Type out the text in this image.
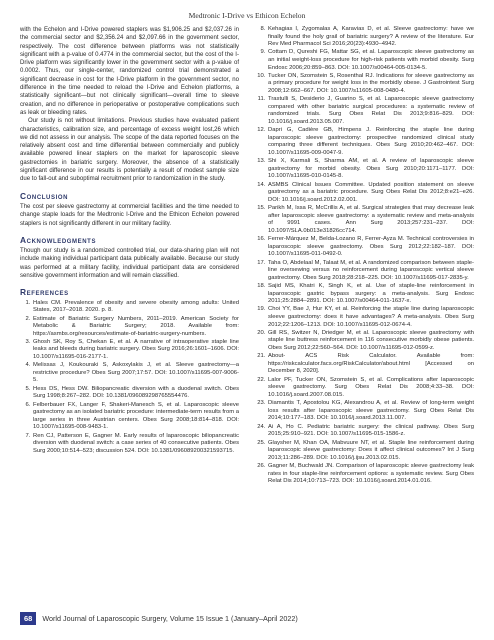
Medtronic I-Drive vs Ethicon Echelon

with the Echelon and I-Drive powered staplers was $1,906.25 and $2,037.26 in the commercial sector and $2,356.24 and $2,097.66 in the government sector, respectively. The cost difference between platforms was not statistically significant with a p-value of 0.4774 in the commercial sector, but the cost of the I-Drive platform was significantly lower in the government sector with a p-value of 0.0002. Thus, our single-center, randomized control trial demonstrated a significant decrease in cost for the I-Drive platform in the government sector, no difference in the time needed to reload the I-Drive and Echelon platforms, a statistically significant—but not clinically significant—overall time to sleeve creation, and no difference in perioperative or postoperative complications such as leak or bleeding rates.

Our study is not without limitations. Previous studies have evaluated patient characteristics, calibration size, and percentage of excess weight lost,26 which we did not assess in our analysis. The scope of the data reported focuses on the relatively absent cost and time differential between commercially and publicly available powered linear staplers on the market for laparoscopic sleeve gastrectomies in bariatric surgery. Moreover, the absence of a statistically significant difference in our results is potentially a result of modest sample size due to fall-out and suboptimal recruitment prior to randomization in the study.

Conclusion

The cost per sleeve gastrectomy at commercial facilities and the time needed to change staple loads for the Medtronic I-Drive and the Ethicon Echelon powered staplers is not significantly different in our military facility.

Acknowledgments

Though our study is a randomized controlled trial, our data-sharing plan will not include making individual participant data publically available. Because our study was performed at a military facility, individual participant data are considered sensitive government information and will remain classified.

References
1. Hales CM. Prevalence of obesity and severe obesity among adults: United States, 2017–2018. 2020. p. 8.
2. Estimate of Bariatric Surgery Numbers, 2011–2019. American Society for Metabolic & Bariatric Surgery; 2018. Available from: https://asmbs.org/resources/estimate-of-bariatric-surgery-numbers.
3. Ghosh SK, Roy S, Chekan E, et al. A narrative of intraoperative staple line leaks and bleeds during bariatric surgery. Obes Surg 2016;26:1601–1606. DOI: 10.1007/s11695-016-2177-1.
4. Melissas J, Koukouraki S, Askoxylakis J, et al. Sleeve gastrectomy—a restrictive procedure? Obes Surg 2007;17:57. DOI: 10.1007/s11695-007-9006-5.
5. Hess DS, Hess DW. Biliopancreatic diversion with a duodenal switch. Obes Surg 1998;8:267–282. DOI: 10.1381/096089298765554476.
6. Felberbauer FX, Langer F, Shakeri-Manesch S, et al. Laparoscopic sleeve gastrectomy as an isolated bariatric procedure: intermediate-term results from a large series in three Austrian centers. Obes Surg 2008;18:814–818. DOI: 10.1007/s11695-008-9483-1.
7. Ren CJ, Patterson E, Gagner M. Early results of laparoscopic biliopancreatic diversion with duodenal switch: a case series of 40 consecutive patients. Obes Surg 2000;10:514–523; discussion 524. DOI: 10.1381/096089200321593715.
8. Kehagias I, Zygomalas A, Karavias D, et al. Sleeve gastrectomy: have we finally found the holy grail of bariatric surgery? A review of the literature. Eur Rev Med Pharmacol Sci 2016;20(23):4930–4942.
9. Cottam D, Qureshi FG, Mattar SG, et al. Laparoscopic sleeve gastrectomy as an initial weight-loss procedure for high-risk patients with morbid obesity. Surg Endosc 2006;20:859–863. DOI: 10.1007/s00464-005-0134-5.
10. Tucker ON, Szomstein S, Rosenthal RJ. Indications for sleeve gastrectomy as a primary procedure for weight loss in the morbidly obese. J Gastrointest Surg 2008;12:662–667. DOI: 10.1007/s11605-008-0480-4.
11. Trastulli S, Desiderio J, Guarino S, et al. Laparoscopic sleeve gastrectomy compared with other bariatric surgical procedures: a systematic review of randomized trials. Surg Obes Relat Dis 2013;9:816–829. DOI: 10.1016/j.soard.2013.05.007.
12. Dapri G, Cadière GB, Himpens J. Reinforcing the staple line during laparoscopic sleeve gastrectomy: prospective randomized clinical study comparing three different techniques. Obes Surg 2010;20:462–467. DOI: 10.1007/s11695-009-0047-9.
13. Shi X, Karmali S, Sharma AM, et al. A review of laparoscopic sleeve gastrectomy for morbid obesity. Obes Surg 2010;20:1171–1177. DOI: 10.1007/s11695-010-0145-8.
14. ASMBS Clinical Issues Committee. Updated position statement on sleeve gastrectomy as a bariatric procedure. Surg Obes Relat Dis 2012;8:e21–e26. DOI: 10.1016/j.soard.2012.02.001.
15. Parikh M, Issa R, McCrillis A, et al. Surgical strategies that may decrease leak after laparoscopic sleeve gastrectomy: a systematic review and meta-analysis of 9991 cases. Ann Surg 2013;257:231–237. DOI: 10.1097/SLA.0b013e31826cc714.
16. Ferrer-Márquez M, Belda-Lozano R, Ferrer-Ayza M. Technical controversies in laparoscopic sleeve gastrectomy. Obes Surg 2012;22:182–187. DOI: 10.1007/s11695-011-0492-0.
17. Taha O, Abdelaal M, Talaat M, et al. A randomized comparison between staple-line oversewing versus no reinforcement during laparoscopic vertical sleeve gastrectomy. Obes Surg 2018;28:218–225. DOI: 10.1007/s11695-017-2835-y.
18. Sajid MS, Khatri K, Singh K, et al. Use of staple-line reinforcement in laparoscopic gastric bypass surgery: a meta-analysis. Surg Endosc 2011;25:2884–2891. DOI: 10.1007/s00464-011-1637-x.
19. Choi YY, Bae J, Hur KY, et al. Reinforcing the staple line during laparoscopic sleeve gastrectomy: does it have advantages? A meta-analysis. Obes Surg 2012;22:1206–1213. DOI: 10.1007/s11695-012-0674-4.
20. Gill RS, Switzer N, Driedger M, et al. Laparoscopic sleeve gastrectomy with staple line buttress reinforcement in 116 consecutive morbidly obese patients. Obes Surg 2012;22:560–564. DOI: 10.1007/s11695-012-0599-z.
21. About- ACS Risk Calculator. Available from: https://riskcalculator.facs.org/RiskCalculator/about.html [Accessed on December 8, 2020].
22. Lalor PF, Tucker ON, Szomstein S, et al. Complications after laparoscopic sleeve gastrectomy. Surg Obes Relat Dis 2008;4:33–38. DOI: 10.1016/j.soard.2007.08.015.
23. Diamantis T, Apostolou KG, Alexandrou A, et al. Review of long-term weight loss results after laparoscopic sleeve gastrectomy. Surg Obes Relat Dis 2014;10:177–183. DOI: 10.1016/j.soard.2013.11.007.
24. Ai A, Ho C. Pediatric bariatric surgery: the clinical pathway. Obes Surg 2015;25:910–921. DOI: 10.1007/s11695-015-1586-z.
25. Glaysher M, Khan OA, Mabvuure NT, et al. Staple line reinforcement during laparoscopic sleeve gastrectomy: Does it affect clinical outcomes? Int J Surg 2013;11:286–289. DOI: 10.1016/j.ijsu.2013.02.015.
26. Gagner M, Buchwald JN. Comparison of laparoscopic sleeve gastrectomy leak rates in four staple-line reinforcement options: a systematic review. Surg Obes Relat Dis 2014;10:713–723. DOI: 10.1016/j.soard.2014.01.016.
68	World Journal of Laparoscopic Surgery, Volume 15 Issue 1 (January–April 2022)
